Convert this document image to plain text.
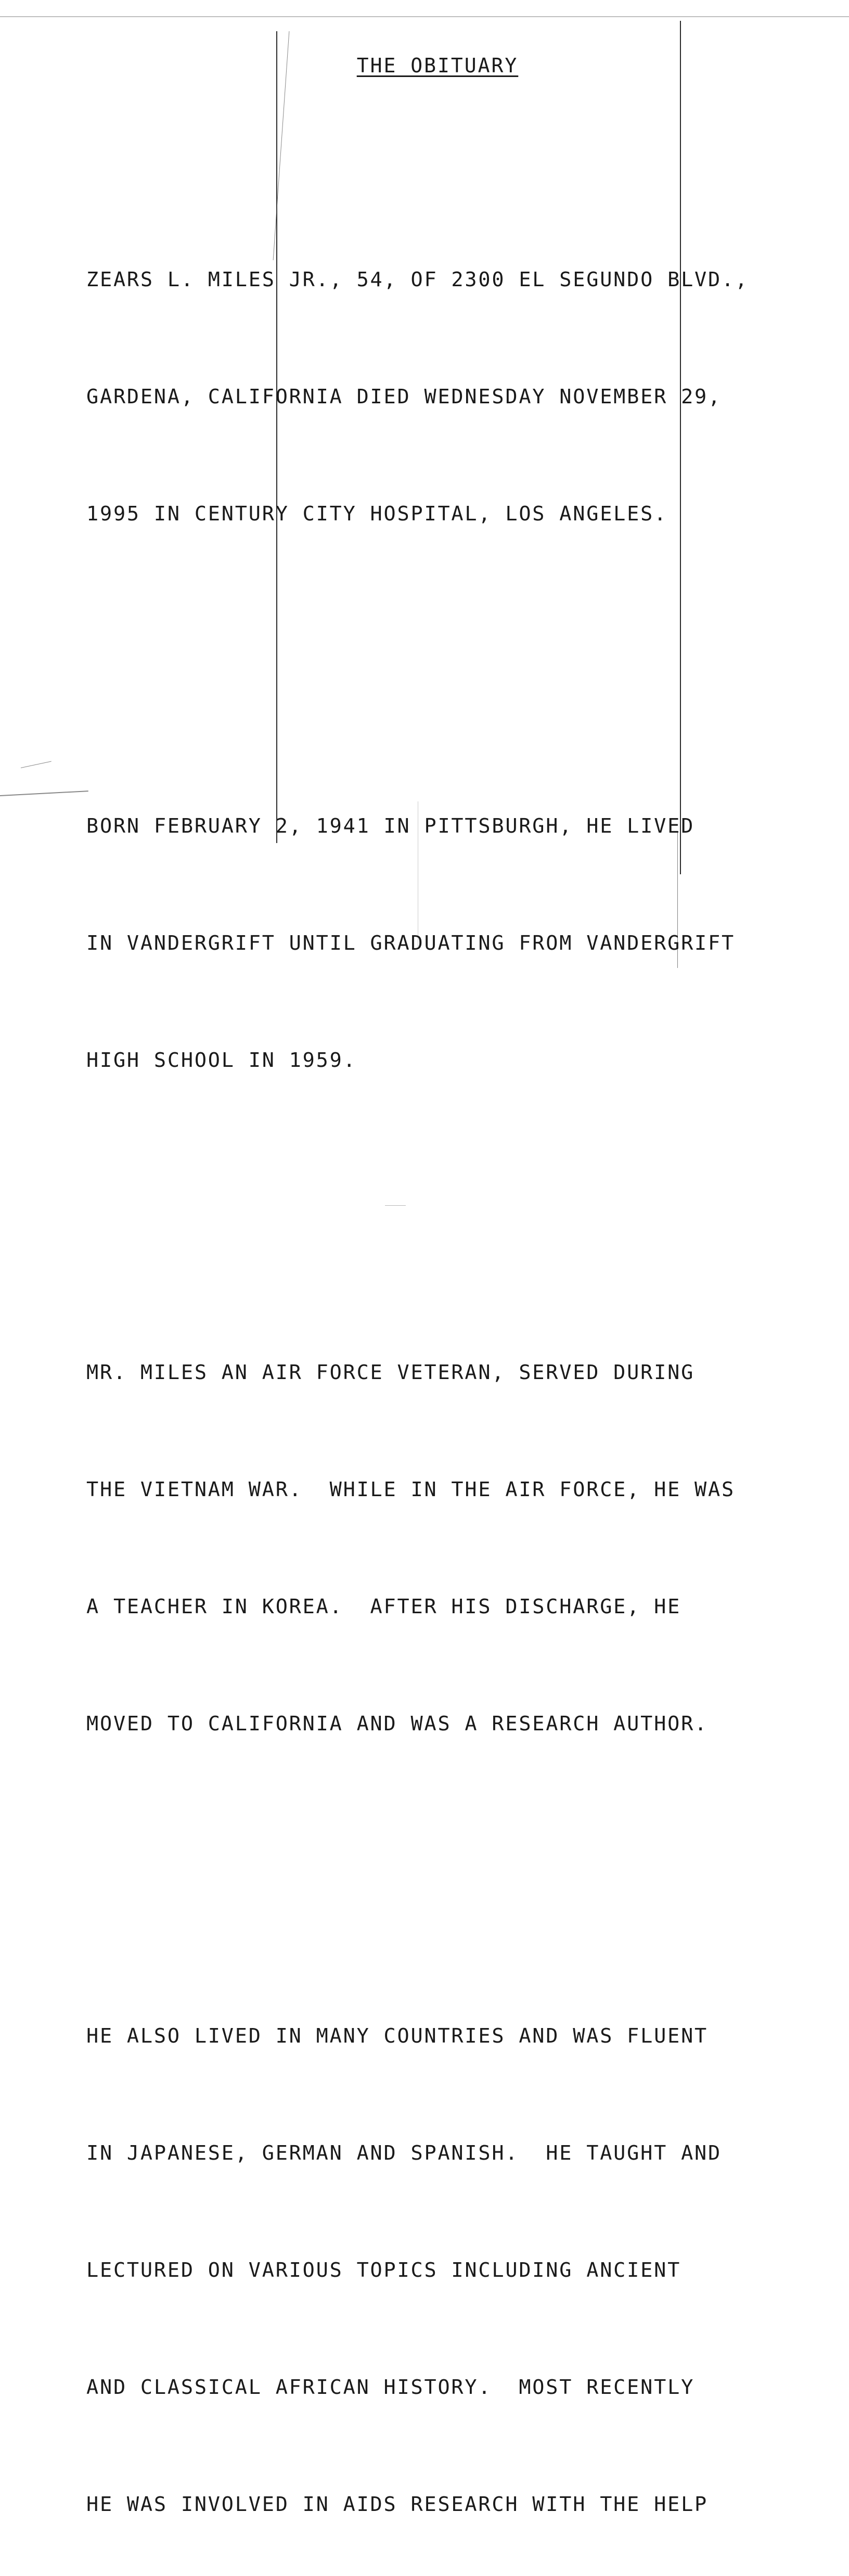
THE OBITUARY

ZEARS L. MILES JR., 54, OF 2300 EL SEGUNDO BLVD.,

GARDENA, CALIFORNIA DIED WEDNESDAY NOVEMBER 29,

1995 IN CENTURY CITY HOSPITAL, LOS ANGELES.

BORN FEBRUARY 2, 1941 IN PITTSBURGH, HE LIVED

IN VANDERGRIFT UNTIL GRADUATING FROM VANDERGRIFT

HIGH SCHOOL IN 1959.

MR. MILES AN AIR FORCE VETERAN, SERVED DURING

THE VIETNAM WAR.  WHILE IN THE AIR FORCE, HE WAS

A TEACHER IN KOREA.  AFTER HIS DISCHARGE, HE

MOVED TO CALIFORNIA AND WAS A RESEARCH AUTHOR.

HE ALSO LIVED IN MANY COUNTRIES AND WAS FLUENT

IN JAPANESE, GERMAN AND SPANISH.  HE TAUGHT AND

LECTURED ON VARIOUS TOPICS INCLUDING ANCIENT

AND CLASSICAL AFRICAN HISTORY.  MOST RECENTLY

HE WAS INVOLVED IN AIDS RESEARCH WITH THE HELP
